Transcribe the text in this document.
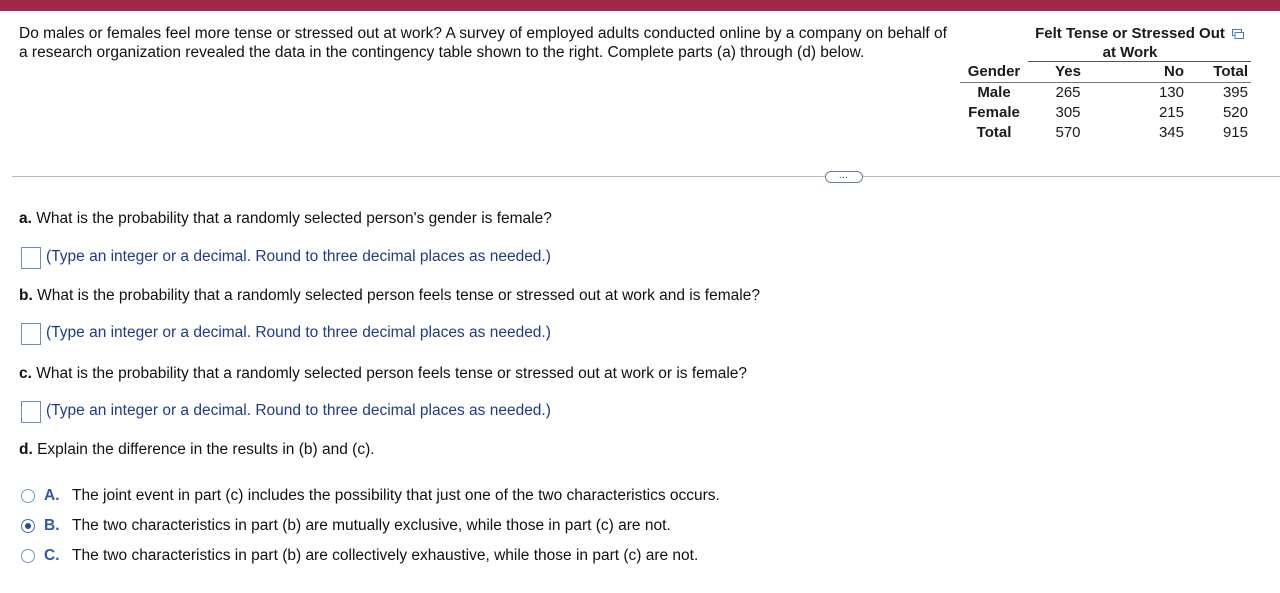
Do males or females feel more tense or stressed out at work? A survey of employed adults conducted online by a company on behalf of a research organization revealed the data in the contingency table shown to the right. Complete parts (a) through (d) below.
Felt Tense or Stressed Out
at Work
Gender	Yes	No	Total
Male	265	130	395
Female	305	215	520
Total	570	345	915
…
a. What is the probability that a randomly selected person's gender is female?
(Type an integer or a decimal. Round to three decimal places as needed.)
b. What is the probability that a randomly selected person feels tense or stressed out at work and is female?
(Type an integer or a decimal. Round to three decimal places as needed.)
c. What is the probability that a randomly selected person feels tense or stressed out at work or is female?
(Type an integer or a decimal. Round to three decimal places as needed.)
d. Explain the difference in the results in (b) and (c).
A. The joint event in part (c) includes the possibility that just one of the two characteristics occurs.
B. The two characteristics in part (b) are mutually exclusive, while those in part (c) are not.
C. The two characteristics in part (b) are collectively exhaustive, while those in part (c) are not.
